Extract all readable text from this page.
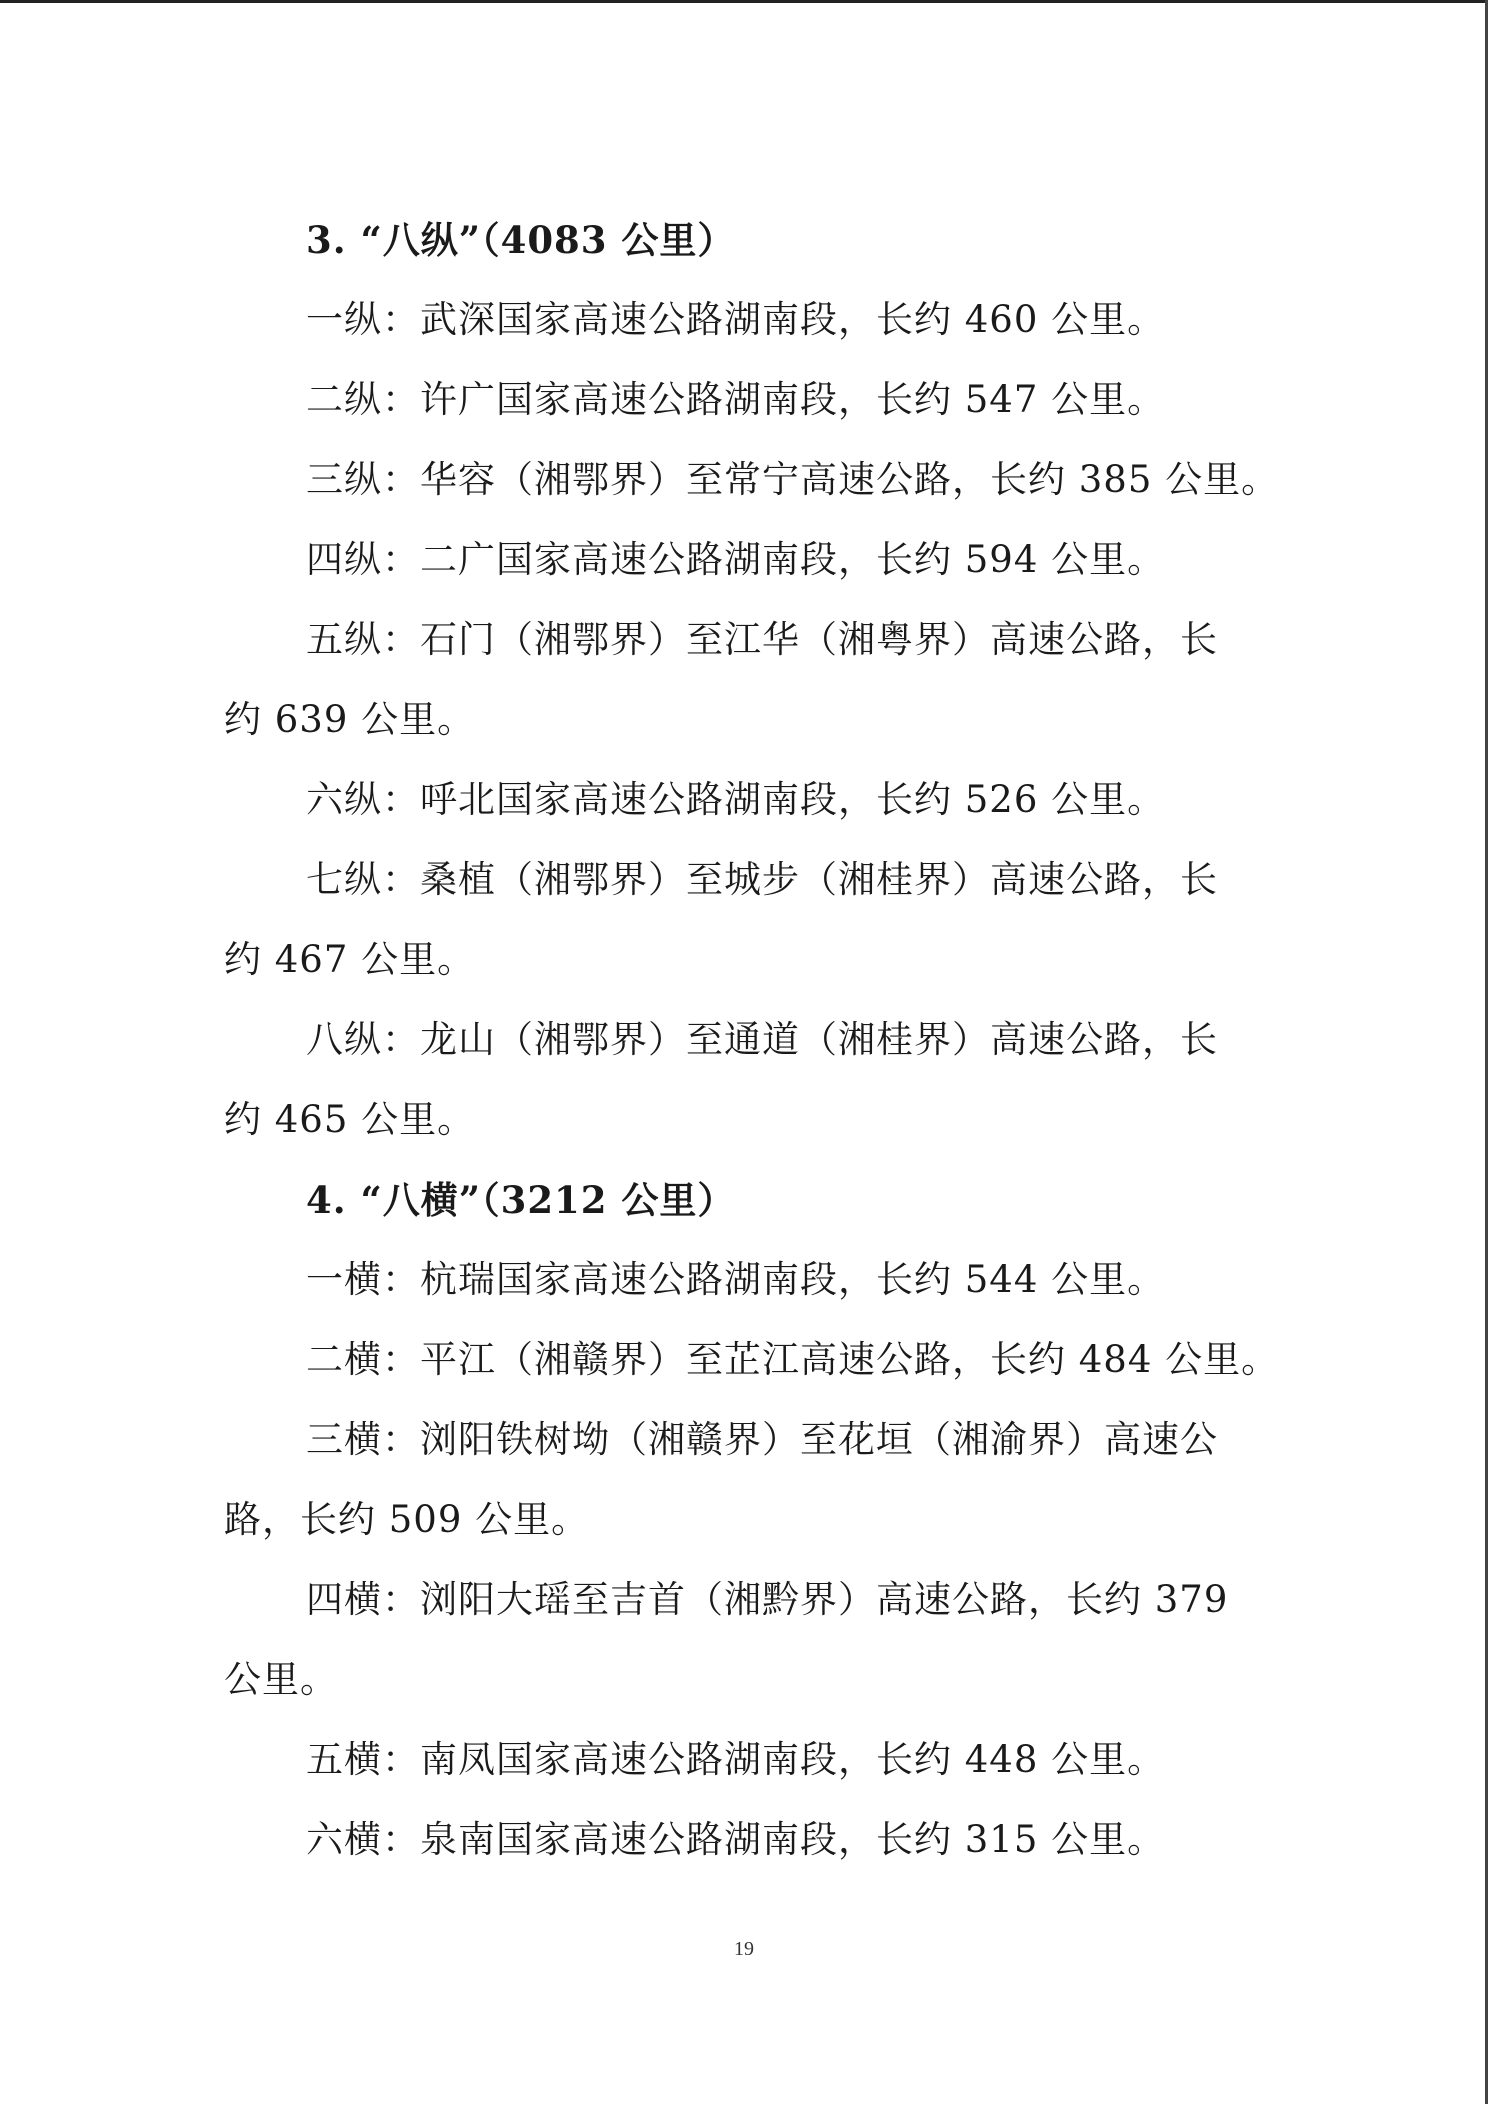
3. “八纵”（4083 公里）
一纵：武深国家高速公路湖南段，长约 460 公里。
二纵：许广国家高速公路湖南段，长约 547 公里。
三纵：华容（湘鄂界）至常宁高速公路，长约 385 公里。
四纵：二广国家高速公路湖南段，长约 594 公里。
五纵：石门（湘鄂界）至江华（湘粤界）高速公路，长
约 639 公里。
六纵：呼北国家高速公路湖南段，长约 526 公里。
七纵：桑植（湘鄂界）至城步（湘桂界）高速公路，长
约 467 公里。
八纵：龙山（湘鄂界）至通道（湘桂界）高速公路，长
约 465 公里。
4. “八横”（3212 公里）
一横：杭瑞国家高速公路湖南段，长约 544 公里。
二横：平江（湘赣界）至芷江高速公路，长约 484 公里。
三横：浏阳铁树坳（湘赣界）至花垣（湘渝界）高速公
路，长约 509 公里。
四横：浏阳大瑶至吉首（湘黔界）高速公路，长约 379
公里。
五横：南凤国家高速公路湖南段，长约 448 公里。
六横：泉南国家高速公路湖南段，长约 315 公里。
19
